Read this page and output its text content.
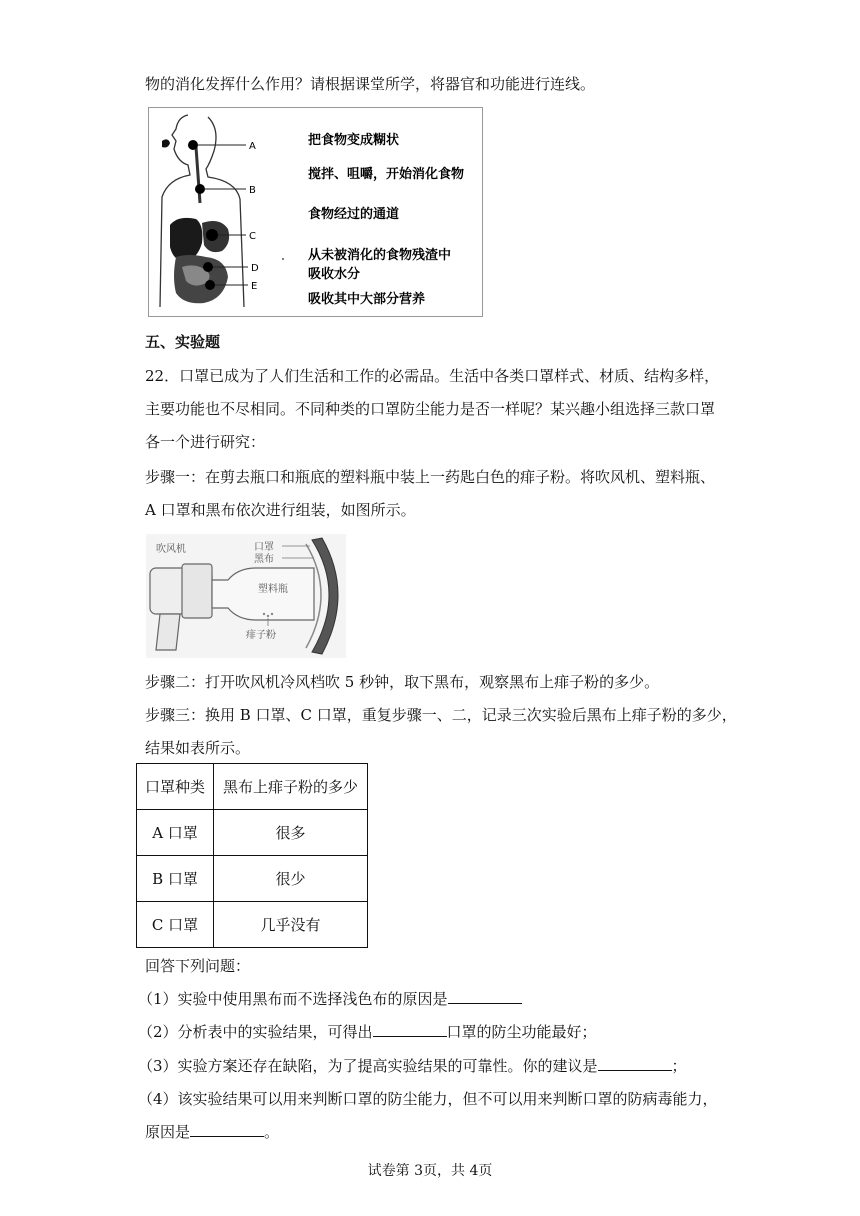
物的消化发挥什么作用？请根据课堂所学，将器官和功能进行连线。
A
B
C
D
E
把食物变成糊状
搅拌、咀嚼，开始消化食物
食物经过的通道
从未被消化的食物残渣中
吸收水分
吸收其中大部分营养
五、实验题
22．口罩已成为了人们生活和工作的必需品。生活中各类口罩样式、材质、结构多样，
主要功能也不尽相同。不同种类的口罩防尘能力是否一样呢？某兴趣小组选择三款口罩
各一个进行研究：
步骤一：在剪去瓶口和瓶底的塑料瓶中装上一药匙白色的痱子粉。将吹风机、塑料瓶、
A 口罩和黑布依次进行组装，如图所示。
吹风机	口罩
黑布
塑料瓶
痱子粉
步骤二：打开吹风机冷风档吹 5 秒钟，取下黑布，观察黑布上痱子粉的多少。
步骤三：换用 B 口罩、C 口罩，重复步骤一、二，记录三次实验后黑布上痱子粉的多少，
结果如表所示。
口罩种类	黑布上痱子粉的多少
A 口罩	很多
B 口罩	很少
C 口罩	几乎没有
回答下列问题：
（1）实验中使用黑布而不选择浅色布的原因是
（2）分析表中的实验结果，可得出	口罩的防尘功能最好；
（3）实验方案还存在缺陷，为了提高实验结果的可靠性。你的建议是	；
（4）该实验结果可以用来判断口罩的防尘能力，但不可以用来判断口罩的防病毒能力，
原因是	。
试卷第 3页，共 4页
